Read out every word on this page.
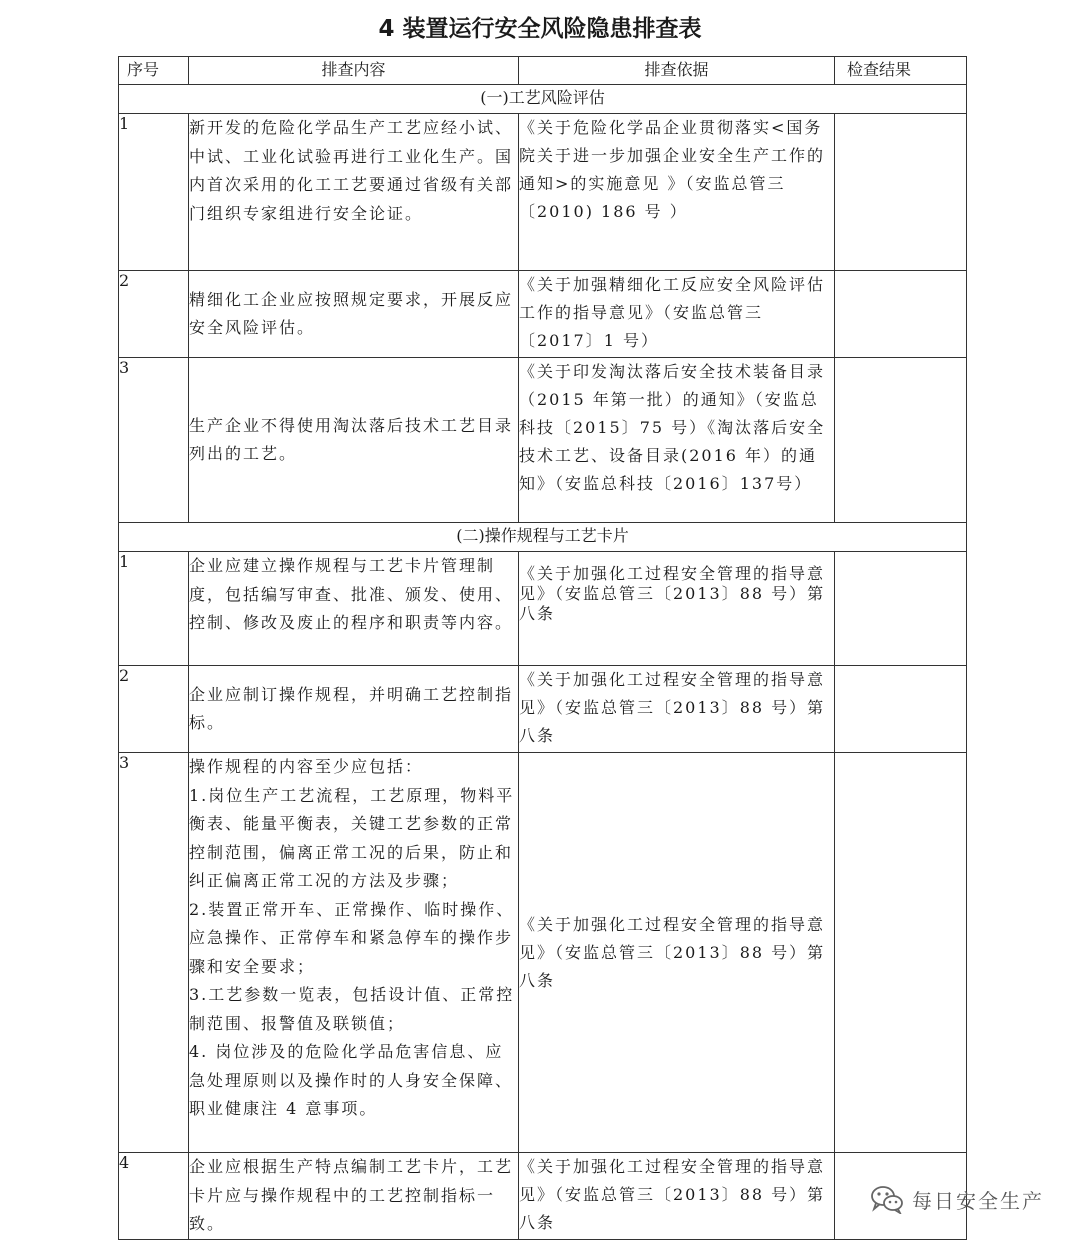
4 装置运行安全风险隐患排查表
序号	排查内容	排查依据	检查结果
(一)工艺风险评估			
1	新开发的危险化学品生产工艺应经小试、中试、工业化试验再进行工业化生产。国内首次采用的化工工艺要通过省级有关部门组织专家组进行安全论证。	《关于危险化学品企业贯彻落实<国务院关于进一步加强企业安全生产工作的通知>的实施意见 》（安监总管三〔2010) 186 号 ）	
2	精细化工企业应按照规定要求，开展反应安全风险评估。	《关于加强精细化工反应安全风险评估工作的指导意见》（安监总管三〔2017〕1 号）	
3	生产企业不得使用淘汰落后技术工艺目录列出的工艺。	《关于印发淘汰落后安全技术装备目录（2015 年第一批）的通知》（安监总科技〔2015〕75 号）《淘汰落后安全技术工艺、设备目录(2016 年）的通知》（安监总科技〔2016〕137号）	
(二)操作规程与工艺卡片			
1	企业应建立操作规程与工艺卡片管理制度，包括编写审查、批准、颁发、使用、控制、修改及废止的程序和职责等内容。	《关于加强化工过程安全管理的指导意见》（安监总管三〔2013〕88 号）第八条	
2	企业应制订操作规程，并明确工艺控制指标。	《关于加强化工过程安全管理的指导意见》（安监总管三〔2013〕88 号）第八条	
3	操作规程的内容至少应包括：
1.岗位生产工艺流程，工艺原理，物料平衡表、能量平衡表，关键工艺参数的正常控制范围，偏离正常工况的后果，防止和纠正偏离正常工况的方法及步骤；
2.装置正常开车、正常操作、临时操作、应急操作、正常停车和紧急停车的操作步骤和安全要求；
3.工艺参数一览表，包括设计值、正常控制范围、报警值及联锁值；
4. 岗位涉及的危险化学品危害信息、应急处理原则以及操作时的人身安全保障、职业健康注 4 意事项。	《关于加强化工过程安全管理的指导意见》（安监总管三〔2013〕88 号）第八条	
4	企业应根据生产特点编制工艺卡片，工艺卡片应与操作规程中的工艺控制指标一致。	《关于加强化工过程安全管理的指导意见》（安监总管三〔2013〕88 号）第八条	
每日安全生产
